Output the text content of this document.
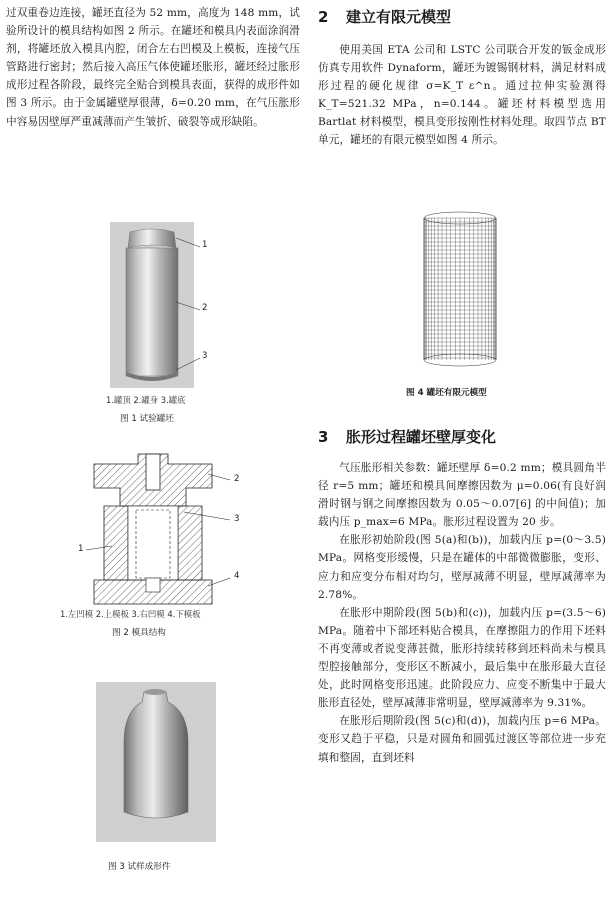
过双重卷边连接，罐坯直径为 52 mm，高度为 148 mm，试验所设计的模具结构如图 2 所示。在罐坯和模具内表面涂润滑剂，将罐坯放入模具内腔，闭合左右凹模及上模板，连接气压管路进行密封；然后接入高压气体使罐坯胀形，罐坯经过胀形成形过程各阶段，最终完全贴合到模具表面，获得的成形件如图 3 所示。由于金属罐壁厚很薄，δ=0.20 mm，在气压胀形中容易因壁厚严重减薄而产生皱折、破裂等成形缺陷。

1
2
3
1.罐顶 2.罐身 3.罐底
图 1 试验罐坯
1
2
3
4
1.左凹模 2.上模板 3.右凹模 4.下模板
图 2 模具结构
图 3 试样成形件
2 建立有限元模型

使用美国 ETA 公司和 LSTC 公司联合开发的钣金成形仿真专用软件 Dynaform，罐坯为镀锡钢材料，满足材料成形过程的硬化规律 σ=K_T ε^n。通过拉伸实验测得 K_T=521.32 MPa，n=0.144。罐坯材料模型选用 Bartlat 材料模型，模具变形按刚性材料处理。取四节点 BT 单元，罐坯的有限元模型如图 4 所示。

图 4 罐坯有限元模型
3 胀形过程罐坯壁厚变化

气压胀形相关参数：罐坯壁厚 δ=0.2 mm；模具圆角半径 r=5 mm；罐坯和模具间摩擦因数为 μ=0.06(有良好润滑时钢与钢之间摩擦因数为 0.05～0.07[6] 的中间值)；加载内压 p_max=6 MPa。胀形过程设置为 20 步。

在胀形初始阶段(图 5(a)和(b))，加载内压 p=(0～3.5) MPa。网格变形缓慢，只是在罐体的中部微微膨胀，变形、应力和应变分布相对均匀，壁厚减薄不明显，壁厚减薄率为 2.78%。

在胀形中期阶段(图 5(b)和(c))，加载内压 p=(3.5～6) MPa。随着中下部坯料贴合模具，在摩擦阻力的作用下坯料不再变薄或者说变薄甚微，胀形持续转移到坯料尚未与模具型腔接触部分，变形区不断减小，最后集中在胀形最大直径处，此时网格变形迅速。此阶段应力、应变不断集中于最大胀形直径处，壁厚减薄非常明显，壁厚减薄率为 9.31%。

在胀形后期阶段(图 5(c)和(d))，加载内压 p=6 MPa。变形又趋于平稳，只是对圆角和圆弧过渡区等部位进一步充填和整固，直到坯料
